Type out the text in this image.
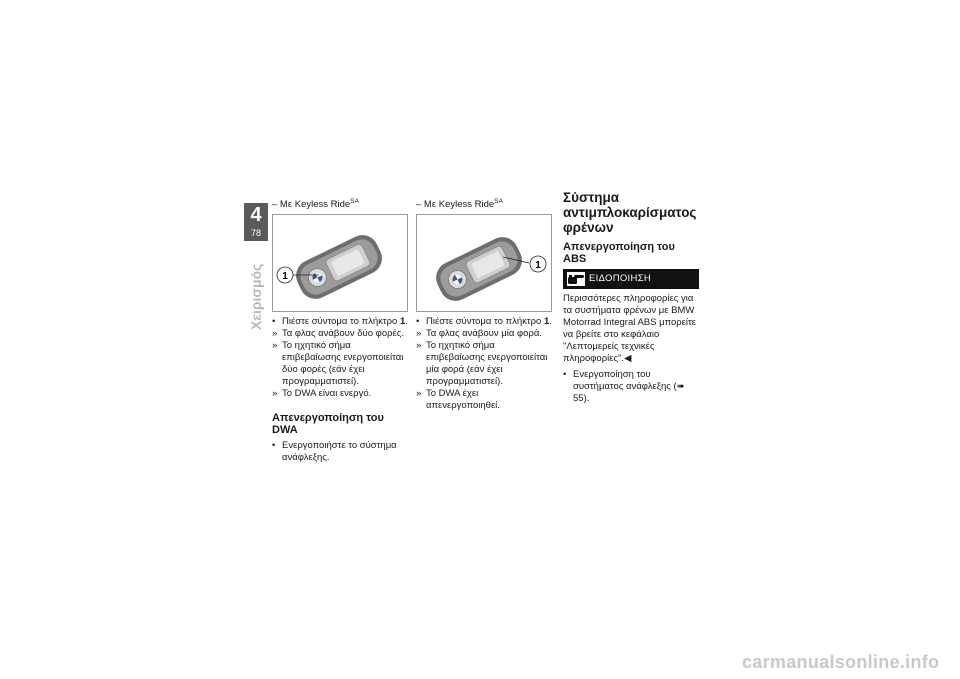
4
78
Χειρισμός
– Με Keyless Ride$^{SA}$
1
• Πιέστε σύντομα το πλήκτρο 1.
» Τα φλας ανάβουν δύο φορές.
» Το ηχητικό σήμα επιβεβαίωσης ενεργοποιείται δύο φορές (εάν έχει προγραμματιστεί).
» Το DWA είναι ενεργό.
Απενεργοποίηση του DWA
• Ενεργοποιήστε το σύστημα ανάφλεξης.
– Με Keyless Ride$^{SA}$
1
• Πιέστε σύντομα το πλήκτρο 1.
» Τα φλας ανάβουν μία φορά.
» Το ηχητικό σήμα επιβεβαίωσης ενεργοποιείται μία φορά (εάν έχει προγραμματιστεί).
» Το DWA έχει απενεργοποιηθεί.
Σύστημα αντιμπλοκαρίσματος φρένων
Απενεργοποίηση του ABS
ΕΙΔΟΠΟΙΗΣΗ

Περισσότερες πληροφορίες για τα συστήματα φρένων με BMW Motorrad Integral ABS μπορείτε να βρείτε στο κεφάλαιο "Λεπτομερείς τεχνικές πληροφορίες".◀

• Ενεργοποίηση του συστήματος ανάφλεξης (➠ 55).
carmanualsonline.info
